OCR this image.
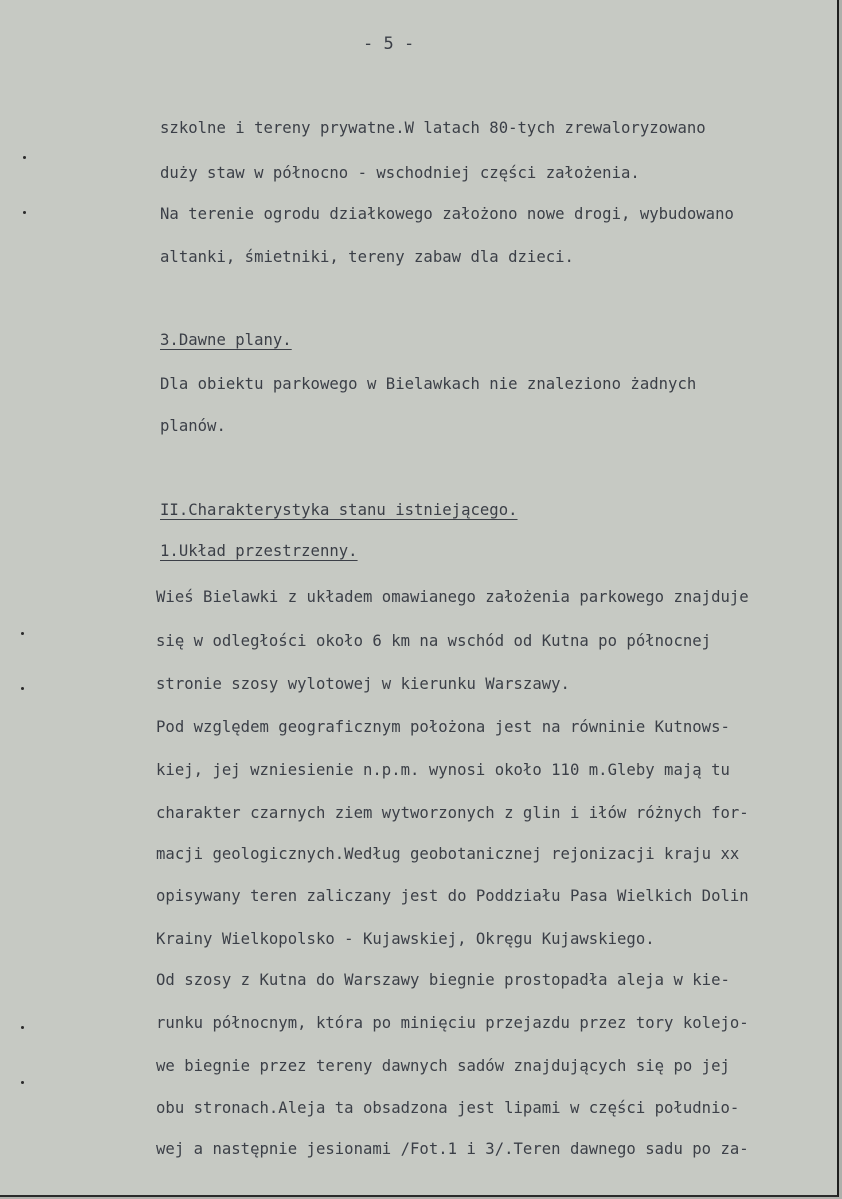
- 5 -
szkolne i tereny prywatne.W latach 80-tych zrewaloryzowano
duży staw w północno - wschodniej części założenia.
Na terenie ogrodu działkowego założono nowe drogi, wybudowano
altanki, śmietniki, tereny zabaw dla dzieci.
3.Dawne plany.
Dla obiektu parkowego w Bielawkach nie znaleziono żadnych
planów.
II.Charakterystyka stanu istniejącego.
1.Układ przestrzenny.
Wieś Bielawki z układem omawianego założenia parkowego znajduje
się w odległości około 6 km na wschód od Kutna po północnej
stronie szosy wylotowej w kierunku Warszawy.
Pod względem geograficznym położona jest na równinie Kutnows-
kiej, jej wzniesienie n.p.m. wynosi około 110 m.Gleby mają tu
charakter czarnych ziem wytworzonych z glin i iłów różnych for-
macji geologicznych.Według geobotanicznej rejonizacji kraju xx
opisywany teren zaliczany jest do Poddziału Pasa Wielkich Dolin
Krainy Wielkopolsko - Kujawskiej, Okręgu Kujawskiego.
Od szosy z Kutna do Warszawy biegnie prostopadła aleja w kie-
runku północnym, która po minięciu przejazdu przez tory kolejo-
we biegnie przez tereny dawnych sadów znajdujących się po jej
obu stronach.Aleja ta obsadzona jest lipami w części południo-
wej a następnie jesionami /Fot.1 i 3/.Teren dawnego sadu po za-
